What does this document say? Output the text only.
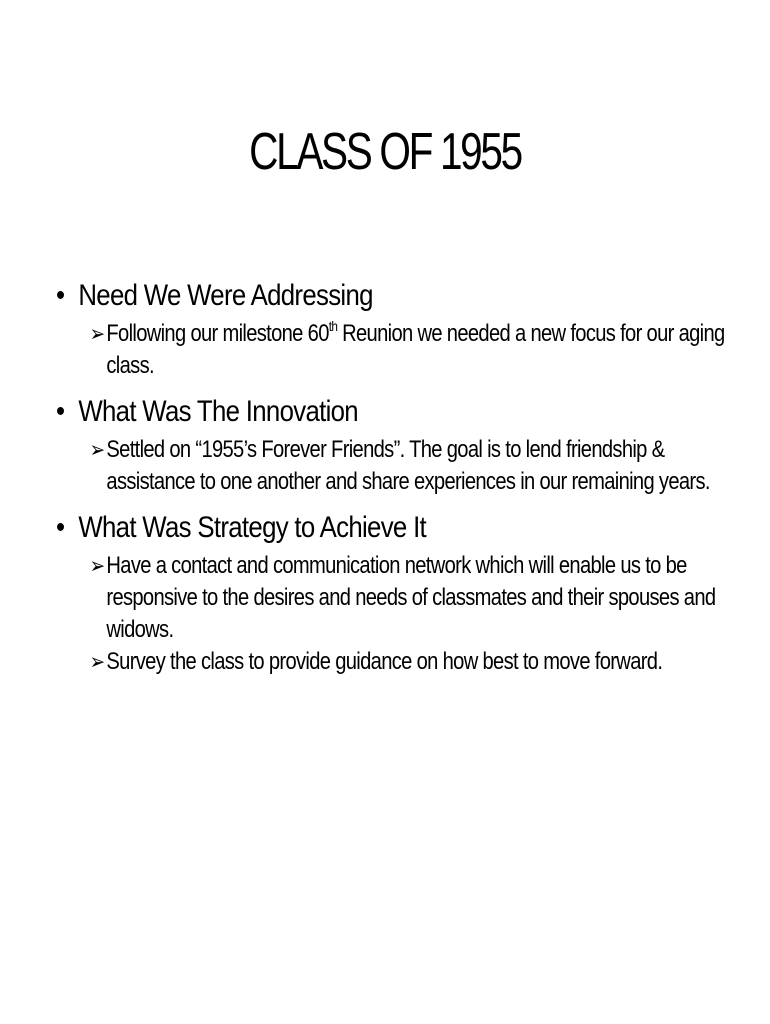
CLASS OF 1955
• Need We Were Addressing
➢ Following our milestone 60th Reunion we needed a new focus for our aging class.
• What Was The Innovation
➢ Settled on “1955’s Forever Friends”. The goal is to lend friendship & assistance to one another and share experiences in our remaining years.
• What Was Strategy to Achieve It
➢ Have a contact and communication network which will enable us to be responsive to the desires and needs of classmates and their spouses and widows.
➢ Survey the class to provide guidance on how best to move forward.
